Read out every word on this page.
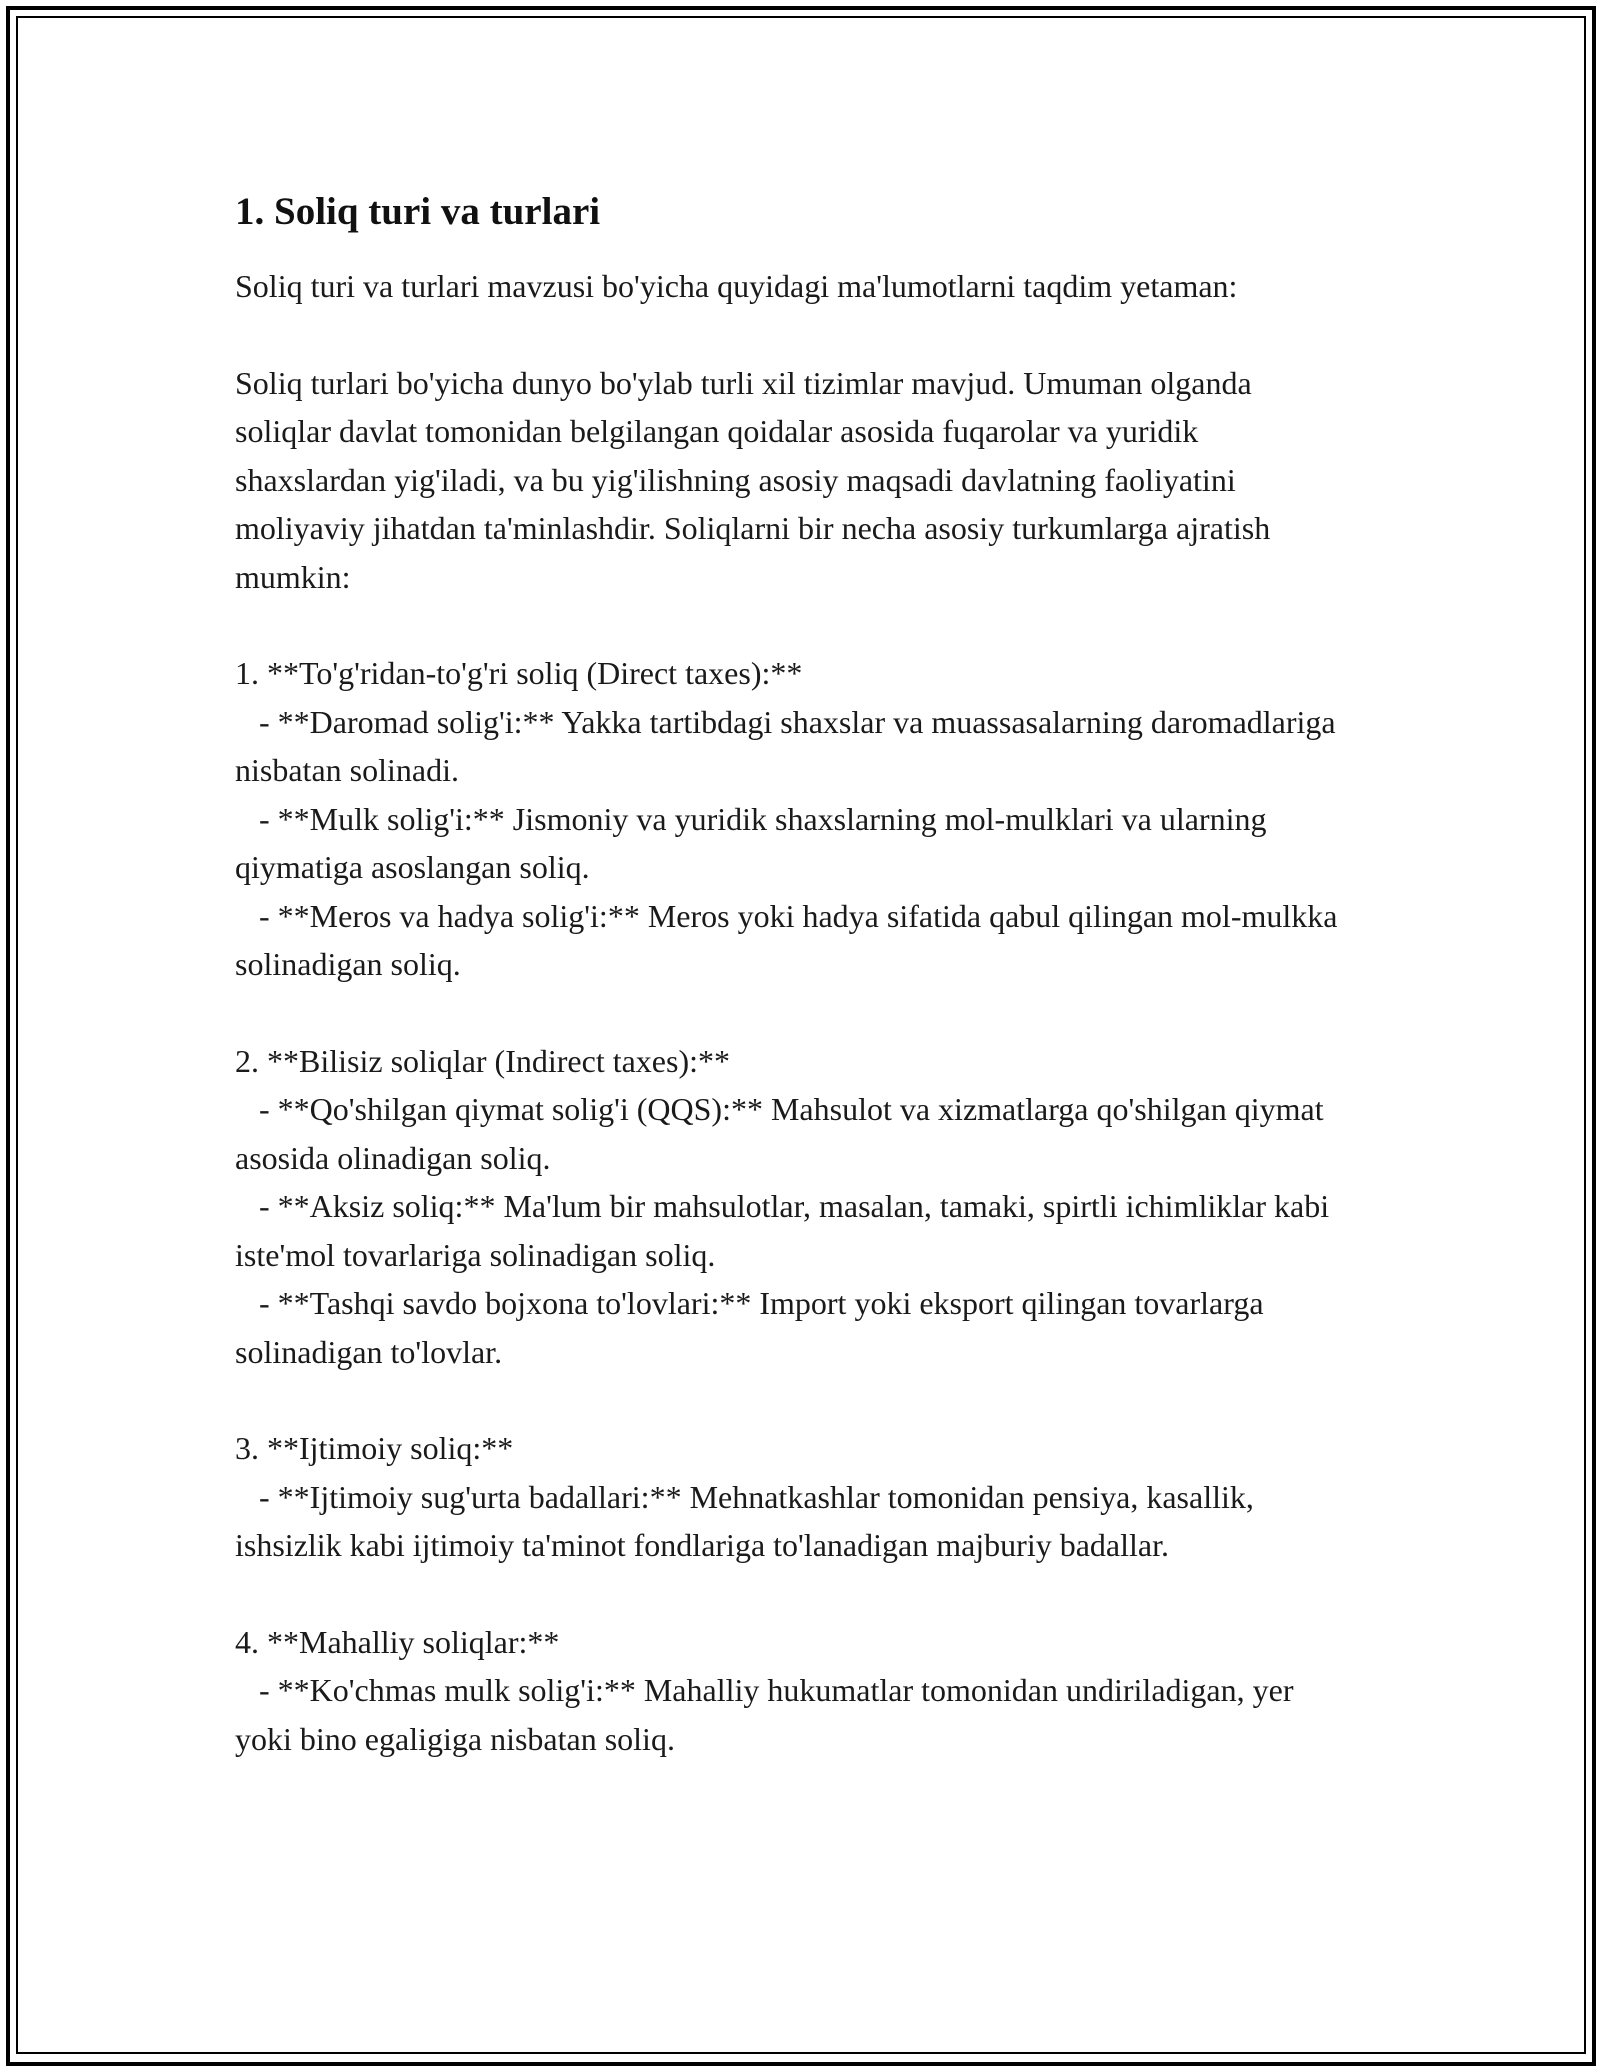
1. Soliq turi va turlari

Soliq turi va turlari mavzusi bo'yicha quyidagi ma'lumotlarni taqdim yetaman:

Soliq turlari bo'yicha dunyo bo'ylab turli xil tizimlar mavjud. Umuman olganda soliqlar davlat tomonidan belgilangan qoidalar asosida fuqarolar va yuridik shaxslardan yig'iladi, va bu yig'ilishning asosiy maqsadi davlatning faoliyatini moliyaviy jihatdan ta'minlashdir. Soliqlarni bir necha asosiy turkumlarga ajratish mumkin:

1. **To'g'ridan-to'g'ri soliq (Direct taxes):**
- **Daromad solig'i:** Yakka tartibdagi shaxslar va muassasalarning daromadlariga nisbatan solinadi.
- **Mulk solig'i:** Jismoniy va yuridik shaxslarning mol-mulklari va ularning qiymatiga asoslangan soliq.
- **Meros va hadya solig'i:** Meros yoki hadya sifatida qabul qilingan mol-mulkka solinadigan soliq.
2. **Bilisiz soliqlar (Indirect taxes):**
- **Qo'shilgan qiymat solig'i (QQS):** Mahsulot va xizmatlarga qo'shilgan qiymat asosida olinadigan soliq.
- **Aksiz soliq:** Ma'lum bir mahsulotlar, masalan, tamaki, spirtli ichimliklar kabi iste'mol tovarlariga solinadigan soliq.
- **Tashqi savdo bojxona to'lovlari:** Import yoki eksport qilingan tovarlarga solinadigan to'lovlar.
3. **Ijtimoiy soliq:**
- **Ijtimoiy sug'urta badallari:** Mehnatkashlar tomonidan pensiya, kasallik, ishsizlik kabi ijtimoiy ta'minot fondlariga to'lanadigan majburiy badallar.
4. **Mahalliy soliqlar:**
- **Ko'chmas mulk solig'i:** Mahalliy hukumatlar tomonidan undiriladigan, yer yoki bino egaligiga nisbatan soliq.
